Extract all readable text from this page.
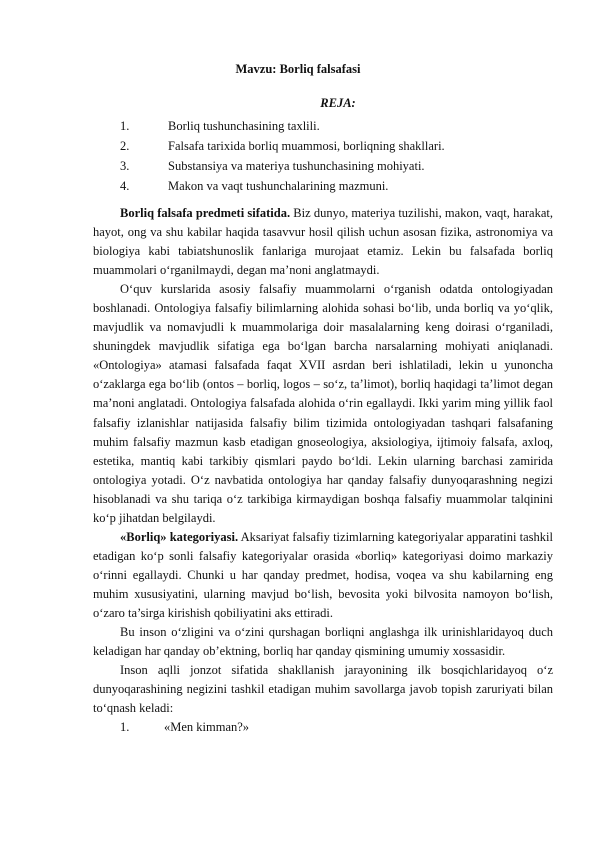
Mavzu: Borliq falsafasi
REJA:
1.	Borliq tushunchasining taxlili.
2.	Falsafa tarixida borliq muammosi, borliqning shakllari.
3.	Substansiya va materiya tushunchasining mohiyati.
4.	Makon va vaqt tushunchalarining mazmuni.

Borliq falsafa predmeti sifatida. Biz dunyo, materiya tuzilishi, makon, vaqt, harakat, hayot, ong va shu kabilar haqida tasavvur hosil qilish uchun asosan fizika, astronomiya va biologiya kabi tabiatshunoslik fanlariga murojaat etamiz. Lekin bu falsafada borliq muammolari o‘rganilmaydi, degan ma’noni anglatmaydi.

O‘quv kurslarida asosiy falsafiy muammolarni o‘rganish odatda ontologiyadan boshlanadi. Ontologiya falsafiy bilimlarning alohida sohasi bo‘lib, unda borliq va yo‘qlik, mavjudlik va nomavjudli k muammolariga doir masalalarning keng doirasi o‘rganiladi, shuningdek mavjudlik sifatiga ega bo‘lgan barcha narsalarning mohiyati aniqlanadi. «Ontologiya» atamasi falsafada faqat XVII asrdan beri ishlatiladi, lekin u yunoncha o‘zaklarga ega bo‘lib (ontos – borliq, logos – so‘z, ta’limot), borliq haqidagi ta’limot degan ma’noni anglatadi. Ontologiya falsafada alohida o‘rin egallaydi. Ikki yarim ming yillik faol falsafiy izlanishlar natijasida falsafiy bilim tizimida ontologiyadan tashqari falsafaning muhim falsafiy mazmun kasb etadigan gnoseologiya, aksiologiya, ijtimoiy falsafa, axloq, estetika, mantiq kabi tarkibiy qismlari paydo bo‘ldi. Lekin ularning barchasi zamirida ontologiya yotadi. O‘z navbatida ontologiya har qanday falsafiy dunyoqarashning negizi hisoblanadi va shu tariqa o‘z tarkibiga kirmaydigan boshqa falsafiy muammolar talqinini ko‘p jihatdan belgilaydi.

«Borliq» kategoriyasi. Aksariyat falsafiy tizimlarning kategoriyalar apparatini tashkil etadigan ko‘p sonli falsafiy kategoriyalar orasida «borliq» kategoriyasi doimo markaziy o‘rinni egallaydi. Chunki u har qanday predmet, hodisa, voqea va shu kabilarning eng muhim xususiyatini, ularning mavjud bo‘lish, bevosita yoki bilvosita namoyon bo‘lish, o‘zaro ta’sirga kirishish qobiliyatini aks ettiradi.

Bu inson o‘zligini va o‘zini qurshagan borliqni anglashga ilk urinishlaridayoq duch keladigan har qanday ob’ektning, borliq har qanday qismining umumiy xossasidir.

Inson aqlli jonzot sifatida shakllanish jarayonining ilk bosqichlaridayoq o‘z dunyoqarashining negizini tashkil etadigan muhim savollarga javob topish zaruriyati bilan to‘qnash keladi:

1.	«Men kimman?»
